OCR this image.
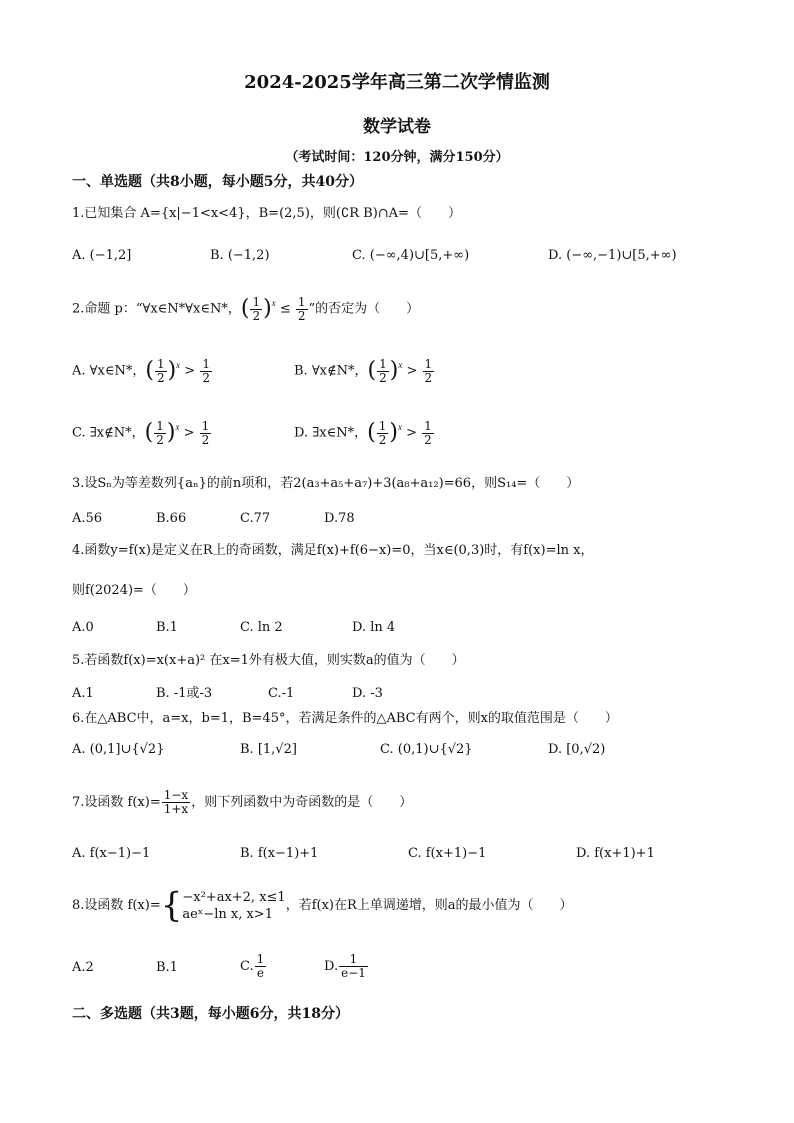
2024-2025学年高三第二次学情监测
数学试卷
（考试时间：120分钟，满分150分）
一、单选题（共8小题，每小题5分，共40分）
1.已知集合 A={x|−1<x<4}，B=(2,5)，则(∁R B)∩A=（　　）
A. (−1,2]	B. (−1,2)	C. (−∞,4)∪[5,+∞)	D. (−∞,−1)∪[5,+∞)
2.命题 p：“∀x∈N*∀x∈N*，( $\frac{1}{2} )^x \le \frac{1}{2}$ ”的否定为（　　）
A. ∀x∈N*，( $\frac{1}{2} )^x > \frac{1}{2}$	B. ∀x∉N*，( $\frac{1}{2} )^x > \frac{1}{2}$
C. ∃x∉N*，( $\frac{1}{2} )^x > \frac{1}{2}$	D. ∃x∈N*，( $\frac{1}{2} )^x > \frac{1}{2}$
3.设Sₙ为等差数列{aₙ}的前n项和，若2(a₃+a₅+a₇)+3(a₈+a₁₂)=66，则S₁₄=（　　）
A.56	B.66	C.77	D.78
4.函数y=f(x)是定义在R上的奇函数，满足f(x)+f(6−x)=0，当x∈(0,3)时，有f(x)=ln x，
则f(2024)=（　　）
A.0	B.1	C. ln 2	D. ln 4
5.若函数f(x)=x(x+a)² 在x=1外有极大值，则实数a的值为（　　）
A.1	B. -1或-3	C.-1	D. -3
6.在△ABC中，a=x，b=1，B=45°，若满足条件的△ABC有两个，则x的取值范围是（　　）
A. (0,1]∪{√2}	B. [1,√2]	C. (0,1)∪{√2}	D. [0,√2)
7.设函数 $f(x)= \frac{1-x}{1+x}$ ，则下列函数中为奇函数的是（　　）
A. f(x−1)−1	B. f(x−1)+1	C. f(x+1)−1	D. f(x+1)+1
8.设函数 f(x)={ −x²+ax+2, x≤1
aeˣ−ln x, x>1
，若f(x)在R上单调递增，则a的最小值为（　　）
A.2	B.1	C. $\frac{1}{e}$	D. $\frac{1}{e-1}$
二、多选题（共3题，每小题6分，共18分）
